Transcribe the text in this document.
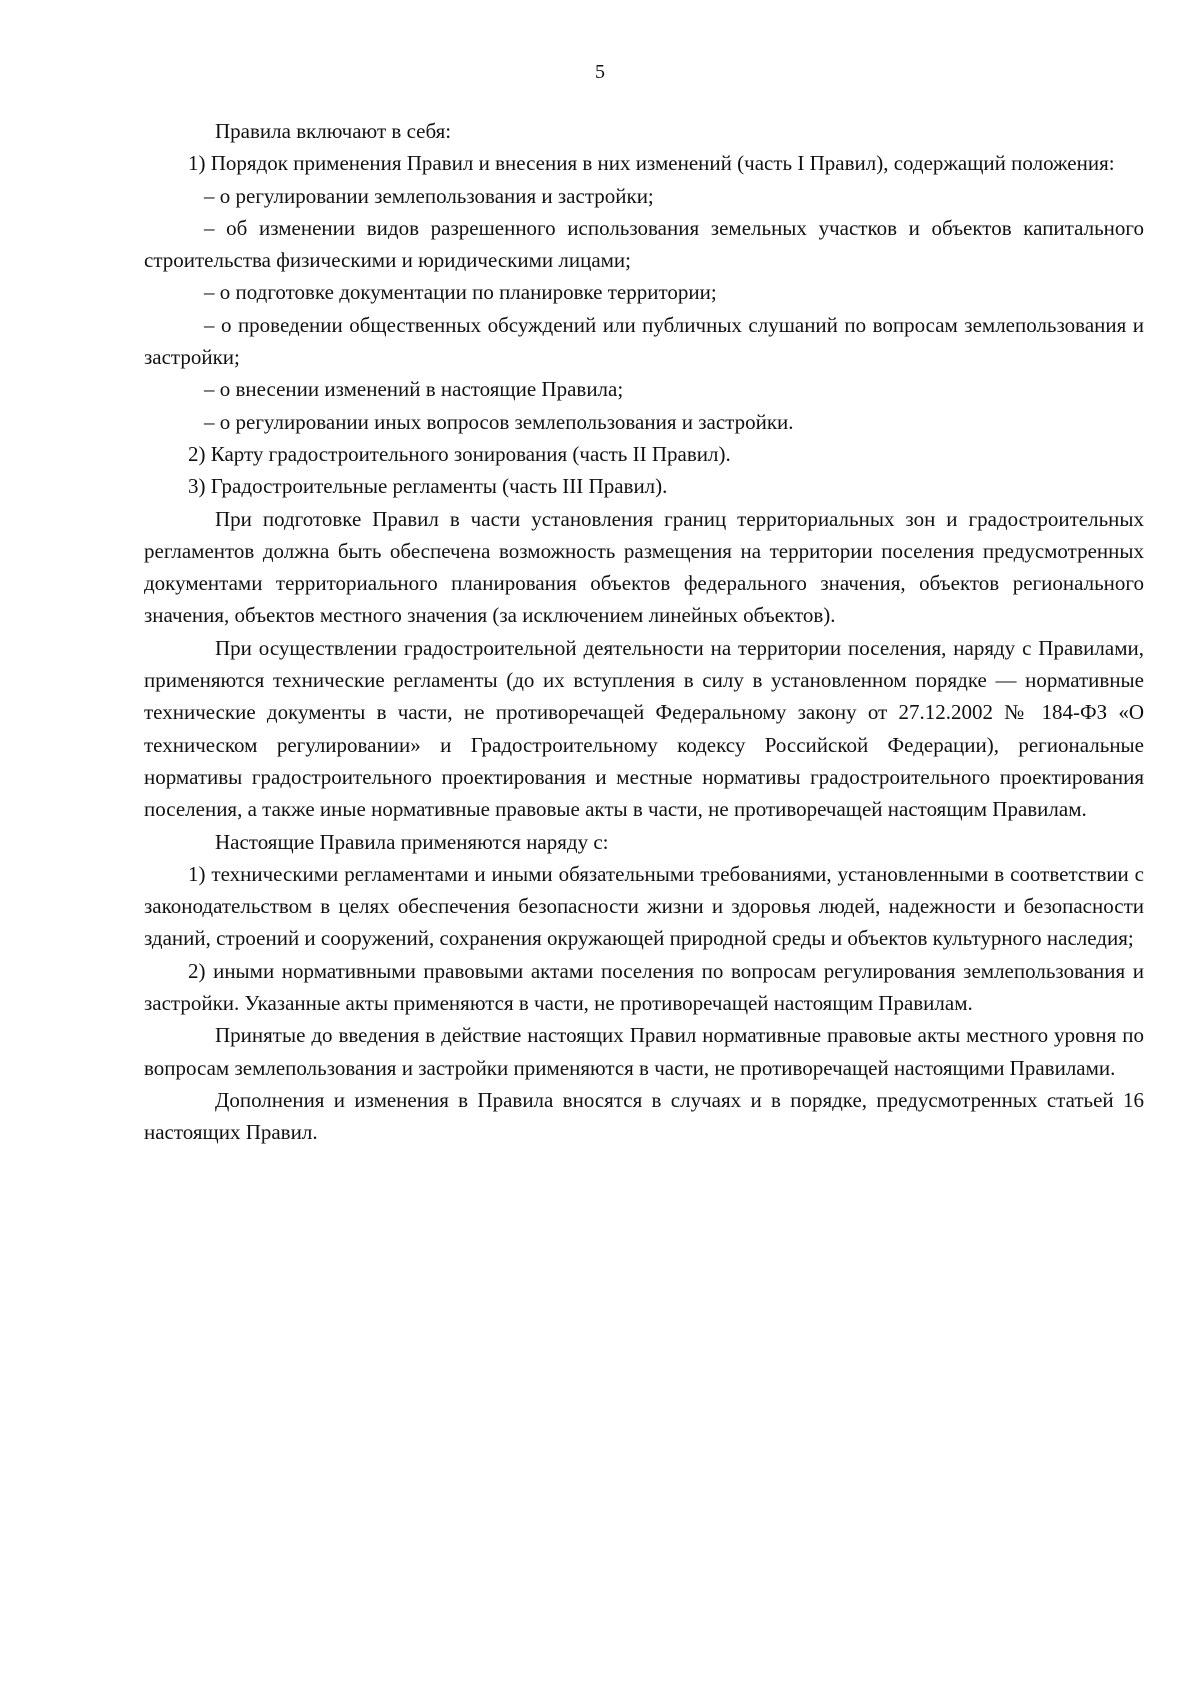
5

Правила включают в себя:

1) Порядок применения Правил и внесения в них изменений (часть I Правил), содержащий положения:

– о регулировании землепользования и застройки;

– об изменении видов разрешенного использования земельных участков и объектов капитального строительства физическими и юридическими лицами;

– о подготовке документации по планировке территории;

– о проведении общественных обсуждений или публичных слушаний по вопросам землепользования и застройки;

– о внесении изменений в настоящие Правила;

– о регулировании иных вопросов землепользования и застройки.

2) Карту градостроительного зонирования (часть II Правил).

3) Градостроительные регламенты (часть III Правил).

При подготовке Правил в части установления границ территориальных зон и градостроительных регламентов должна быть обеспечена возможность размещения на территории поселения предусмотренных документами территориального планирования объектов федерального значения, объектов регионального значения, объектов местного значения (за исключением линейных объектов).

При осуществлении градостроительной деятельности на территории поселения, наряду с Правилами, применяются технические регламенты (до их вступления в силу в установленном порядке — нормативные технические документы в части, не противоречащей Федеральному закону от 27.12.2002 № 184-ФЗ «О техническом регулировании» и Градостроительному кодексу Российской Федерации), региональные нормативы градостроительного проектирования и местные нормативы градостроительного проектирования поселения, а также иные нормативные правовые акты в части, не противоречащей настоящим Правилам.

Настоящие Правила применяются наряду с:

1) техническими регламентами и иными обязательными требованиями, установленными в соответствии с законодательством в целях обеспечения безопасности жизни и здоровья людей, надежности и безопасности зданий, строений и сооружений, сохранения окружающей природной среды и объектов культурного наследия;

2) иными нормативными правовыми актами поселения по вопросам регулирования землепользования и застройки. Указанные акты применяются в части, не противоречащей настоящим Правилам.

Принятые до введения в действие настоящих Правил нормативные правовые акты местного уровня по вопросам землепользования и застройки применяются в части, не противоречащей настоящими Правилами.

Дополнения и изменения в Правила вносятся в случаях и в порядке, предусмотренных статьей 16 настоящих Правил.
